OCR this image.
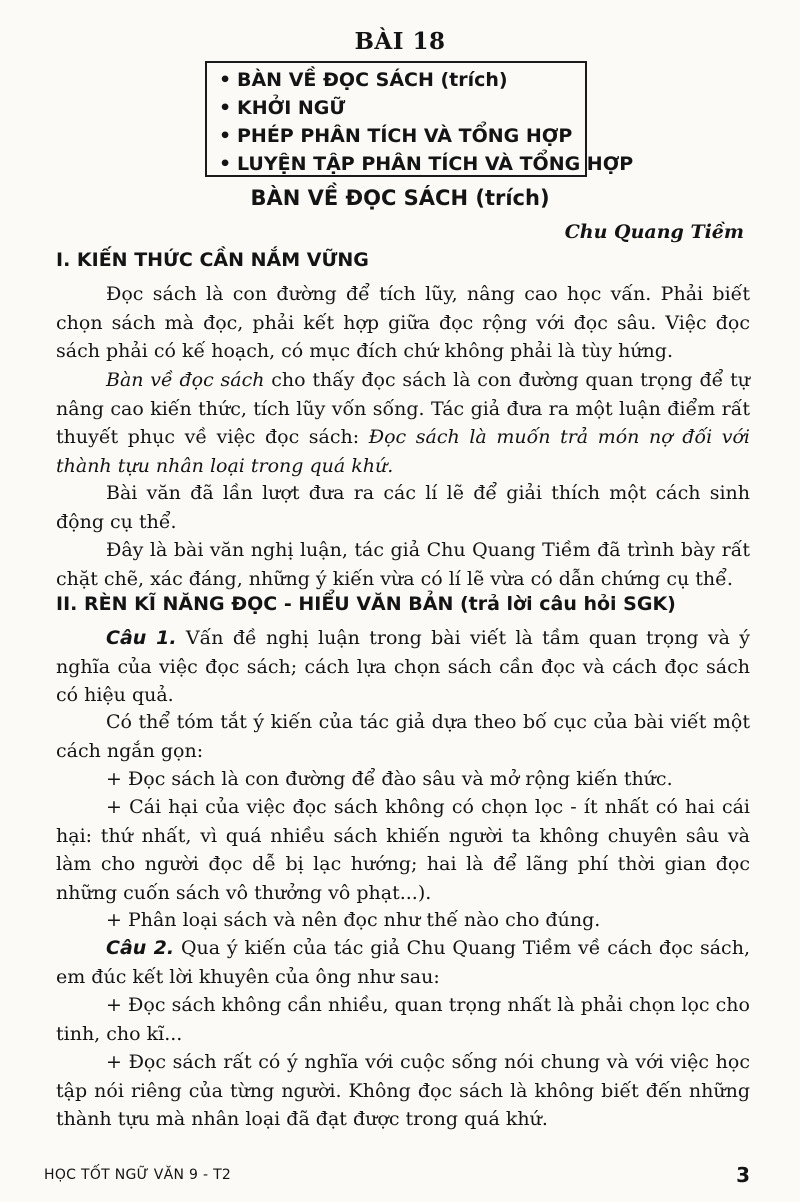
BÀI 18
• BÀN VỀ ĐỌC SÁCH (trích)
• KHỞI NGỮ
• PHÉP PHÂN TÍCH VÀ TỔNG HỢP
• LUYỆN TẬP PHÂN TÍCH VÀ TỔNG HỢP
BÀN VỀ ĐỌC SÁCH (trích)
Chu Quang Tiềm
I. KIẾN THỨC CẦN NẮM VỮNG
Đọc sách là con đường để tích lũy, nâng cao học vấn. Phải biết chọn sách mà đọc, phải kết hợp giữa đọc rộng với đọc sâu. Việc đọc sách phải có kế hoạch, có mục đích chứ không phải là tùy hứng.
Bàn về đọc sách cho thấy đọc sách là con đường quan trọng để tự nâng cao kiến thức, tích lũy vốn sống. Tác giả đưa ra một luận điểm rất thuyết phục về việc đọc sách: Đọc sách là muốn trả món nợ đối với thành tựu nhân loại trong quá khứ.
Bài văn đã lần lượt đưa ra các lí lẽ để giải thích một cách sinh động cụ thể.
Đây là bài văn nghị luận, tác giả Chu Quang Tiềm đã trình bày rất chặt chẽ, xác đáng, những ý kiến vừa có lí lẽ vừa có dẫn chứng cụ thể.
II. RÈN KĨ NĂNG ĐỌC - HIỂU VĂN BẢN (trả lời câu hỏi SGK)
Câu 1. Vấn đề nghị luận trong bài viết là tầm quan trọng và ý nghĩa của việc đọc sách; cách lựa chọn sách cần đọc và cách đọc sách có hiệu quả.
Có thể tóm tắt ý kiến của tác giả dựa theo bố cục của bài viết một cách ngắn gọn:
+ Đọc sách là con đường để đào sâu và mở rộng kiến thức.
+ Cái hại của việc đọc sách không có chọn lọc - ít nhất có hai cái hại: thứ nhất, vì quá nhiều sách khiến người ta không chuyên sâu và làm cho người đọc dễ bị lạc hướng; hai là để lãng phí thời gian đọc những cuốn sách vô thưởng vô phạt...).
+ Phân loại sách và nên đọc như thế nào cho đúng.
Câu 2. Qua ý kiến của tác giả Chu Quang Tiềm về cách đọc sách, em đúc kết lời khuyên của ông như sau:
+ Đọc sách không cần nhiều, quan trọng nhất là phải chọn lọc cho tinh, cho kĩ...
+ Đọc sách rất có ý nghĩa với cuộc sống nói chung và với việc học tập nói riêng của từng người. Không đọc sách là không biết đến những thành tựu mà nhân loại đã đạt được trong quá khứ.
HỌC TỐT NGỮ VĂN 9 - T2	3
